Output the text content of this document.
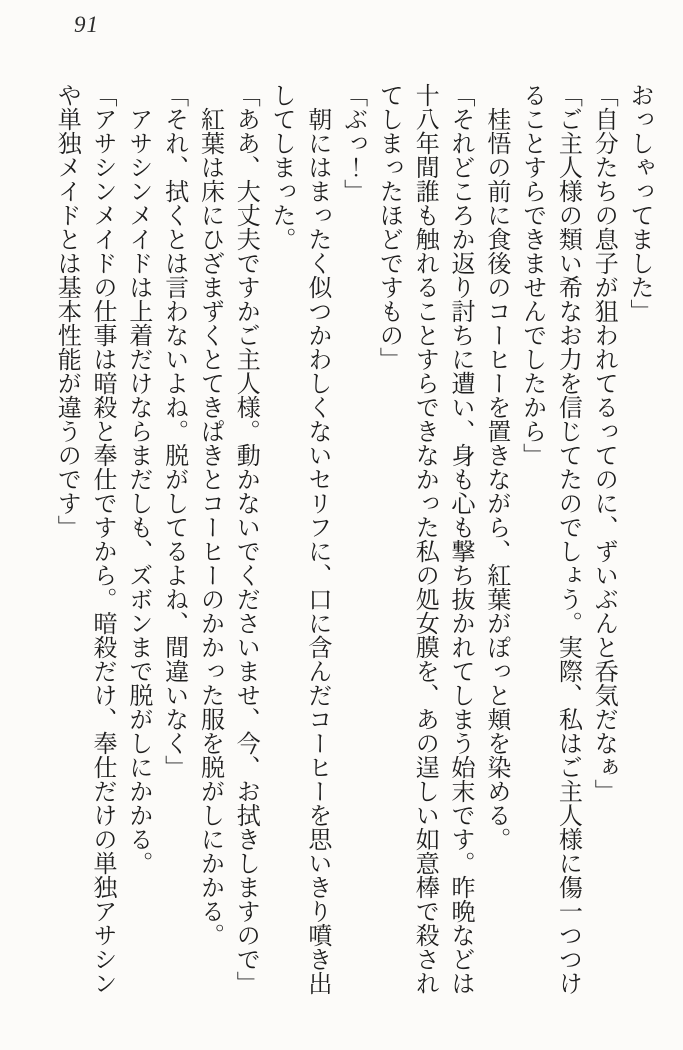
91

おっしゃってました」

「自分たちの息子が狙われてるってのに、ずいぶんと呑気だなぁ」

「ご主人様の類い希なお力を信じてたのでしょう。実際、私はご主人様に傷一つつけ

ることすらできませんでしたから」

　桂悟の前に食後のコーヒーを置きながら、紅葉がぽっと頬を染める。

「それどころか返り討ちに遭い、身も心も撃ち抜かれてしまう始末です。昨晩などは

十八年間誰も触れることすらできなかった私の処女膜を、あの逞しい如意棒で殺され

てしまったほどですもの」

「ぶっ！」

　朝にはまったく似つかわしくないセリフに、口に含んだコーヒーを思いきり噴き出

してしまった。

「ああ、大丈夫ですかご主人様。動かないでくださいませ、今、お拭きしますので」

　紅葉は床にひざまずくとてきぱきとコーヒーのかかった服を脱がしにかかる。

「それ、拭くとは言わないよね。脱がしてるよね、間違いなく」

　アサシンメイドは上着だけならまだしも、ズボンまで脱がしにかかる。

「アサシンメイドの仕事は暗殺と奉仕ですから。暗殺だけ、奉仕だけの単独アサシン

や単独メイドとは基本性能が違うのです」
